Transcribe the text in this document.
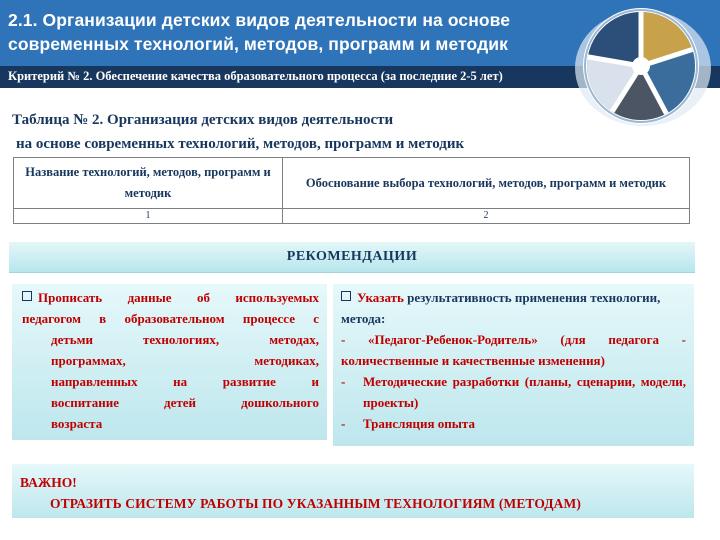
2.1. Организации детских видов деятельности на основе
современных технологий, методов, программ и методик
Критерий № 2. Обеспечение качества образовательного процесса (за последние 2-5 лет)
Таблица № 2. Организация детских видов деятельности
на основе современных технологий, методов, программ и методик
Название технологий, методов, программ и методик	Обоснование выбора технологий, методов, программ и методик
1	2
РЕКОМЕНДАЦИИ
Прописать данные об используемых
педагогом в образовательном процессе с
детьми технологиях, методах,
программах, методиках,
направленных на развитие и
воспитание детей дошкольного
возраста
Указать результативность применения технологии, метода:
- «Педагог-Ребенок-Родитель» (для педагога - количественные и качественные изменения)
-	Методические разработки (планы, сценарии, модели, проекты)
-	Трансляция опыта
ВАЖНО!
ОТРАЗИТЬ СИСТЕМУ РАБОТЫ ПО УКАЗАННЫМ ТЕХНОЛОГИЯМ (МЕТОДАМ)
